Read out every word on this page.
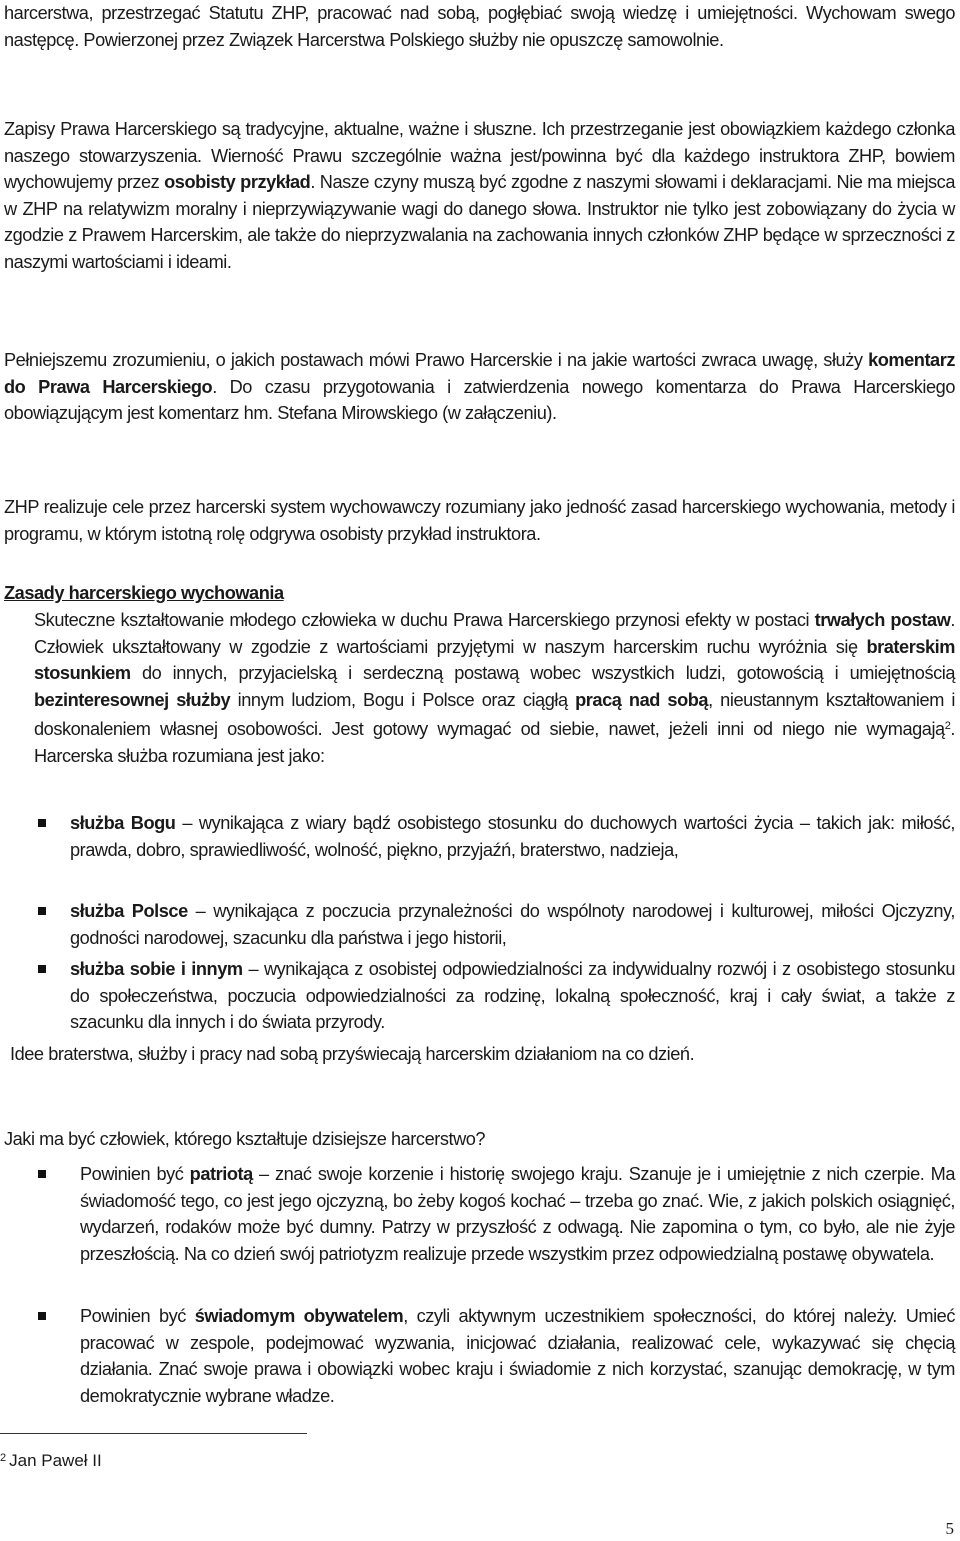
harcerstwa, przestrzegać Statutu ZHP, pracować nad sobą, pogłębiać swoją wiedzę i umiejętności. Wychowam swego następcę. Powierzonej przez Związek Harcerstwa Polskiego służby nie opuszczę samowolnie.

Zapisy Prawa Harcerskiego są tradycyjne, aktualne, ważne i słuszne. Ich przestrzeganie jest obowiązkiem każdego członka naszego stowarzyszenia. Wierność Prawu szczególnie ważna jest/powinna być dla każdego instruktora ZHP, bowiem wychowujemy przez osobisty przykład. Nasze czyny muszą być zgodne z naszymi słowami i deklaracjami. Nie ma miejsca w ZHP na relatywizm moralny i nieprzywiązywanie wagi do danego słowa. Instruktor nie tylko jest zobowiązany do życia w zgodzie z Prawem Harcerskim, ale także do nieprzyzwalania na zachowania innych członków ZHP będące w sprzeczności z naszymi wartościami i ideami.

Pełniejszemu zrozumieniu, o jakich postawach mówi Prawo Harcerskie i na jakie wartości zwraca uwagę, służy komentarz do Prawa Harcerskiego. Do czasu przygotowania i zatwierdzenia nowego komentarza do Prawa Harcerskiego obowiązującym jest komentarz hm. Stefana Mirowskiego (w załączeniu).

ZHP realizuje cele przez harcerski system wychowawczy rozumiany jako jedność zasad harcerskiego wychowania, metody i programu, w którym istotną rolę odgrywa osobisty przykład instruktora.

Zasady harcerskiego wychowania

Skuteczne kształtowanie młodego człowieka w duchu Prawa Harcerskiego przynosi efekty w postaci trwałych postaw. Człowiek ukształtowany w zgodzie z wartościami przyjętymi w naszym harcerskim ruchu wyróżnia się braterskim stosunkiem do innych, przyjacielską i serdeczną postawą wobec wszystkich ludzi, gotowością i umiejętnością bezinteresownej służby innym ludziom, Bogu i Polsce oraz ciągłą pracą nad sobą, nieustannym kształtowaniem i doskonaleniem własnej osobowości. Jest gotowy wymagać od siebie, nawet, jeżeli inni od niego nie wymagają$^2$. Harcerska służba rozumiana jest jako:

służba Bogu – wynikająca z wiary bądź osobistego stosunku do duchowych wartości życia – takich jak: miłość, prawda, dobro, sprawiedliwość, wolność, piękno, przyjaźń, braterstwo, nadzieja,

służba Polsce – wynikająca z poczucia przynależności do wspólnoty narodowej i kulturowej, miłości Ojczyzny, godności narodowej, szacunku dla państwa i jego historii,

służba sobie i innym – wynikająca z osobistej odpowiedzialności za indywidualny rozwój i z osobistego stosunku do społeczeństwa, poczucia odpowiedzialności za rodzinę, lokalną społeczność, kraj i cały świat, a także z szacunku dla innych i do świata przyrody.

Idee braterstwa, służby i pracy nad sobą przyświecają harcerskim działaniom na co dzień.

Jaki ma być człowiek, którego kształtuje dzisiejsze harcerstwo?

Powinien być patriotą – znać swoje korzenie i historię swojego kraju. Szanuje je i umiejętnie z nich czerpie. Ma świadomość tego, co jest jego ojczyzną, bo żeby kogoś kochać – trzeba go znać. Wie, z jakich polskich osiągnięć, wydarzeń, rodaków może być dumny. Patrzy w przyszłość z odwagą. Nie zapomina o tym, co było, ale nie żyje przeszłością. Na co dzień swój patriotyzm realizuje przede wszystkim przez odpowiedzialną postawę obywatela.

Powinien być świadomym obywatelem, czyli aktywnym uczestnikiem społeczności, do której należy. Umieć pracować w zespole, podejmować wyzwania, inicjować działania, realizować cele, wykazywać się chęcią działania. Znać swoje prawa i obowiązki wobec kraju i świadomie z nich korzystać, szanując demokrację, w tym demokratycznie wybrane władze.

$^2$ Jan Paweł II
5
